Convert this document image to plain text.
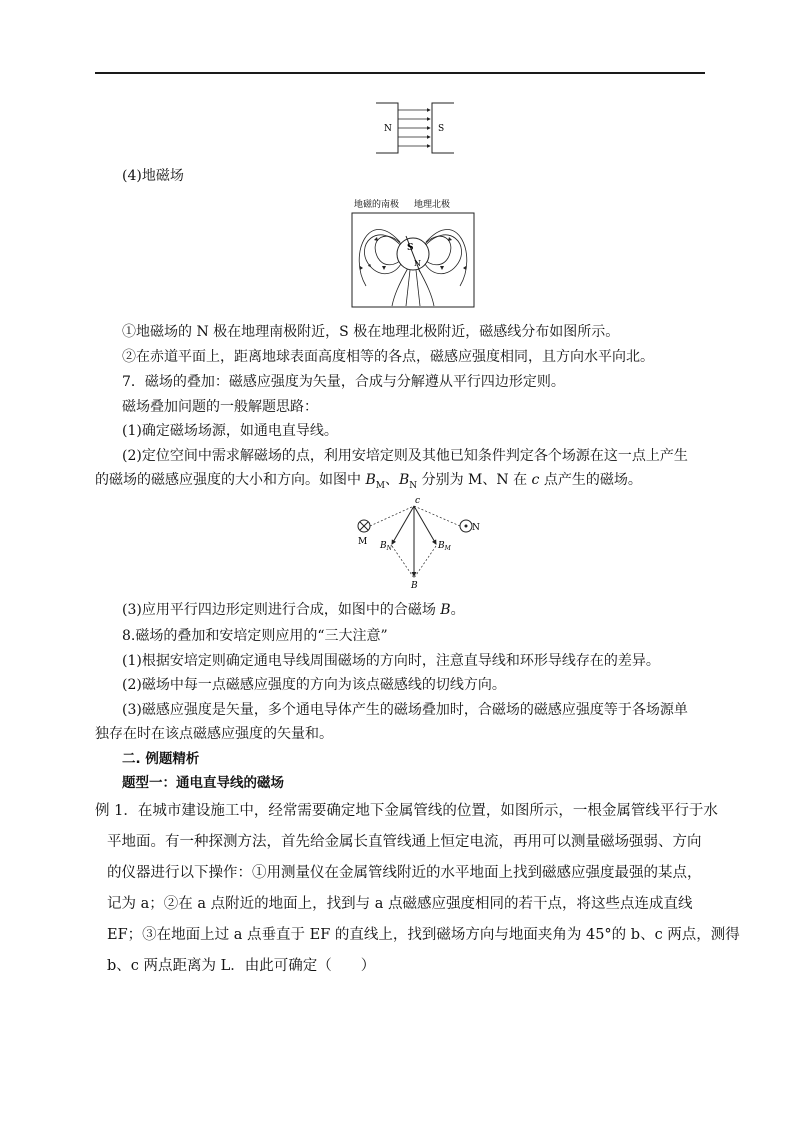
N	S
(4)地磁场
地磁的南极 地理北极
S
N
①地磁场的 N 极在地理南极附近，S 极在地理北极附近，磁感线分布如图所示。
②在赤道平面上，距离地球表面高度相等的各点，磁感应强度相同，且方向水平向北。
7．磁场的叠加：磁感应强度为矢量，合成与分解遵从平行四边形定则。
磁场叠加问题的一般解题思路：
(1)确定磁场场源，如通电直导线。
(2)定位空间中需求解磁场的点，利用安培定则及其他已知条件判定各个场源在这一点上产生
的磁场的磁感应强度的大小和方向。如图中 $B_M$、$B_N$ 分别为 M、N 在 c 点产生的磁场。
c
M
N
$B_N$	$B_M$
B
(3)应用平行四边形定则进行合成，如图中的合磁场 B。
8.磁场的叠加和安培定则应用的“三大注意”
(1)根据安培定则确定通电导线周围磁场的方向时，注意直导线和环形导线存在的差异。
(2)磁场中每一点磁感应强度的方向为该点磁感线的切线方向。
(3)磁感应强度是矢量，多个通电导体产生的磁场叠加时，合磁场的磁感应强度等于各场源单
独存在时在该点磁感应强度的矢量和。
二. 例题精析
题型一：通电直导线的磁场
例 1．在城市建设施工中，经常需要确定地下金属管线的位置，如图所示，一根金属管线平行于水
平地面。有一种探测方法，首先给金属长直管线通上恒定电流，再用可以测量磁场强弱、方向
的仪器进行以下操作：①用测量仪在金属管线附近的水平地面上找到磁感应强度最强的某点，
记为 a；②在 a 点附近的地面上，找到与 a 点磁感应强度相同的若干点，将这些点连成直线
EF；③在地面上过 a 点垂直于 EF 的直线上，找到磁场方向与地面夹角为 45°的 b、c 两点，测得
b、c 两点距离为 L．由此可确定（　　）
